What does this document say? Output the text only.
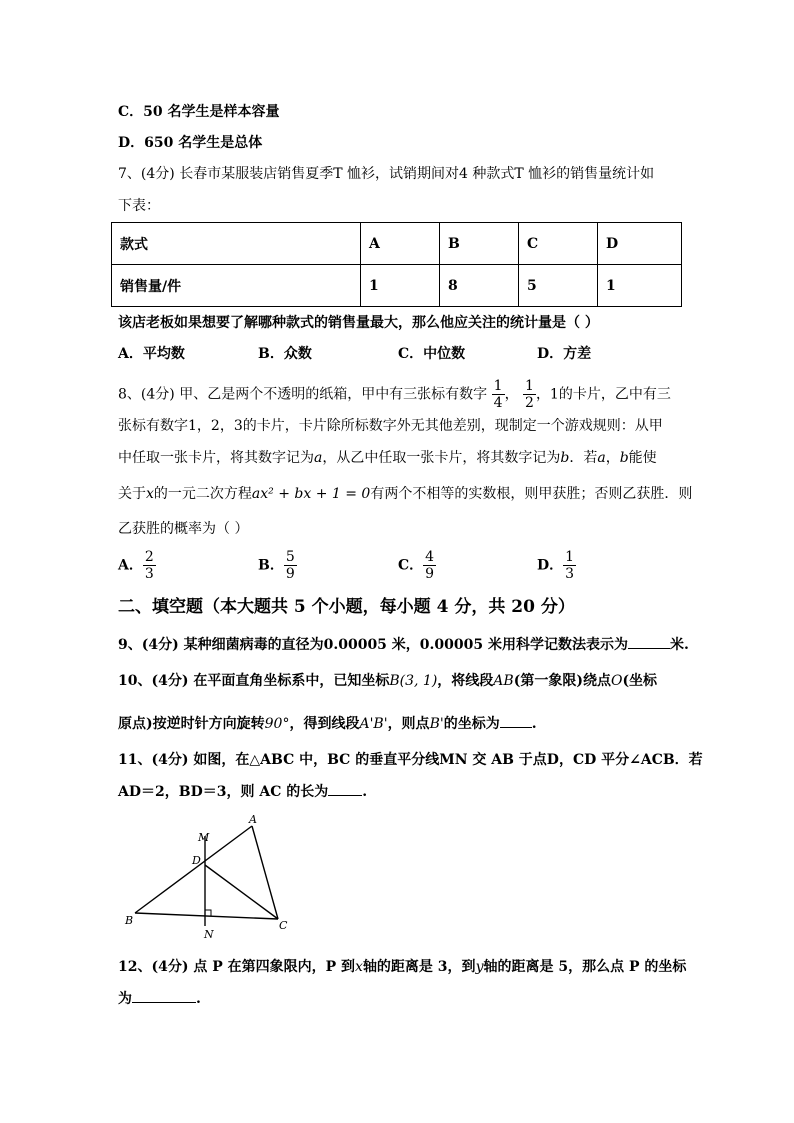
C．50 名学生是样本容量
D．650 名学生是总体
7、(4分) 长春市某服装店销售夏季T 恤衫，试销期间对4 种款式T 恤衫的销售量统计如
下表：
款式	A	B	C	D
销售量/件	1	8	5	1
该店老板如果想要了解哪种款式的销售量最大，那么他应关注的统计量是（ ）
A．平均数	B．众数	C．中位数	D．方差
8、(4分) 甲、乙是两个不透明的纸箱，甲中有三张标有数字 $\frac{1}{4}$ ， $\frac{1}{2}$ ，1的卡片，乙中有三
张标有数字1，2，3的卡片，卡片除所标数字外无其他差别，现制定一个游戏规则：从甲
中任取一张卡片，将其数字记为a，从乙中任取一张卡片，将其数字记为b．若a，b能使
关于x的一元二次方程ax² + bx + 1 = 0有两个不相等的实数根，则甲获胜；否则乙获胜．则
乙获胜的概率为（ ）
A． $\frac{2}{3}$	B． $\frac{5}{9}$	C． $\frac{4}{9}$	D． $\frac{1}{3}$
二、填空题（本大题共 5 个小题，每小题 4 分，共 20 分）
9、(4分) 某种细菌病毒的直径为0.00005 米，0.00005 米用科学记数法表示为	米.
10、(4分) 在平面直角坐标系中，已知坐标B(3, 1)，将线段AB(第一象限)绕点O(坐标
原点)按逆时针方向旋转90°，得到线段A'B'，则点B'的坐标为 .
11、(4分) 如图，在△ABC 中，BC 的垂直平分线MN 交 AB 于点D，CD 平分∠ACB．若
AD＝2，BD＝3，则 AC 的长为 .
M
A
D
B
N
C
12、(4分) 点 P 在第四象限内，P 到x轴的距离是 3，到y轴的距离是 5，那么点 P 的坐标
为	.
